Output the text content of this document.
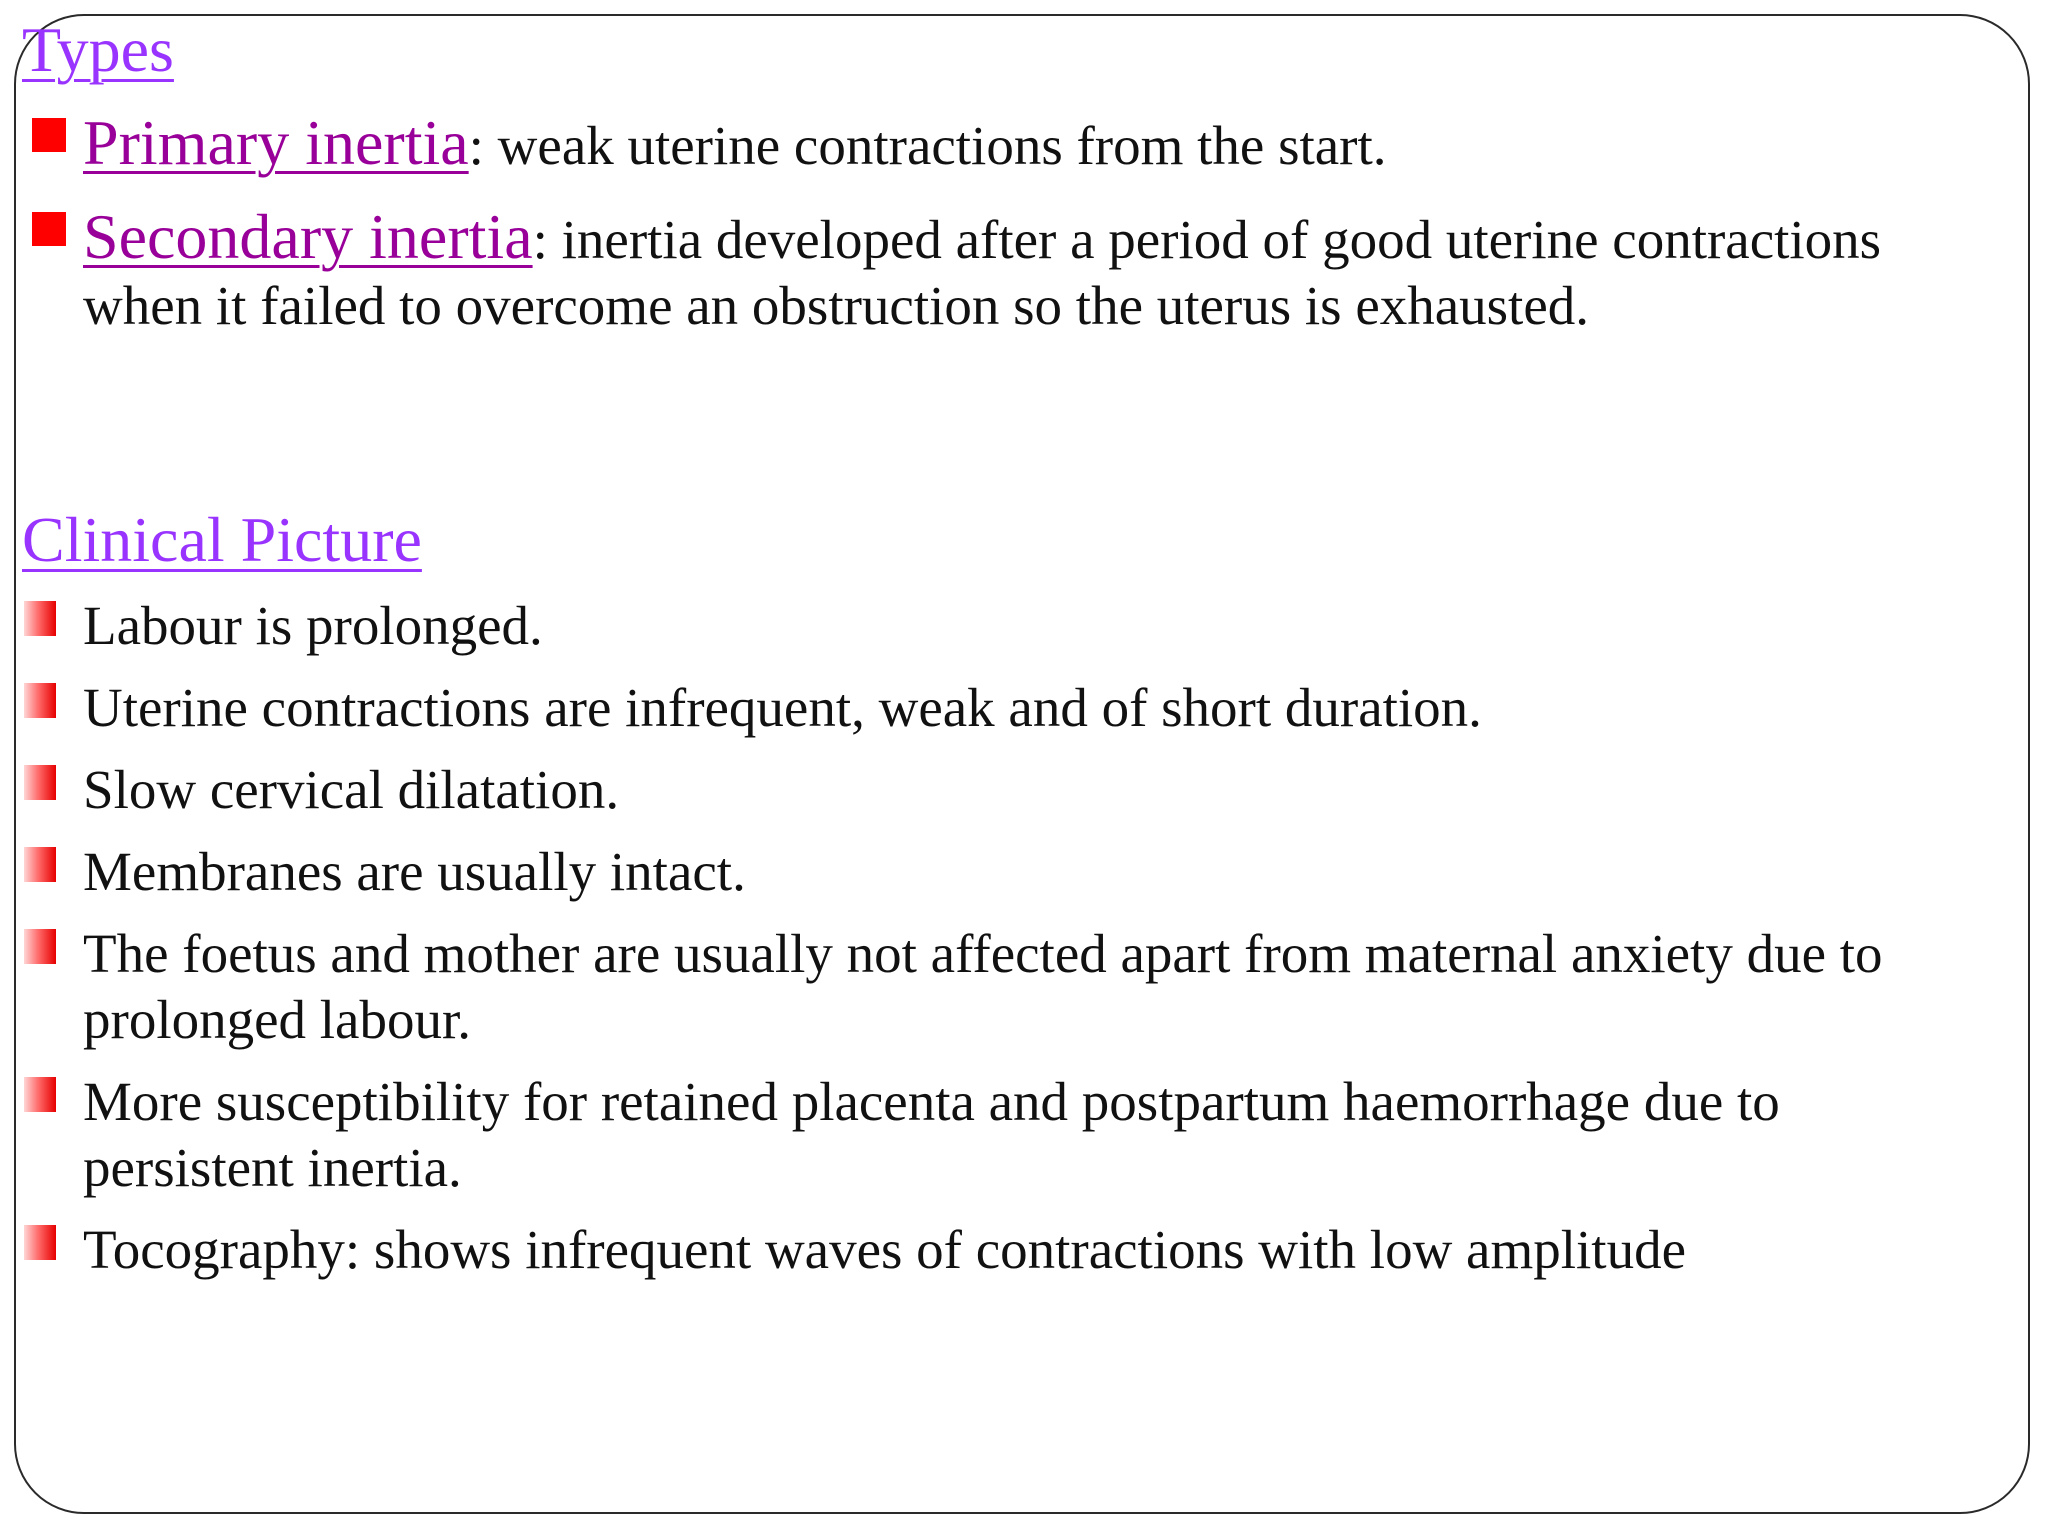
Types
Primary inertia: weak uterine contractions from the start.
Secondary inertia: inertia developed after a period of good uterine contractions when it failed to overcome an obstruction so the uterus is exhausted.
Clinical Picture
Labour is prolonged.
Uterine contractions are infrequent, weak and of short duration.
Slow cervical dilatation.
Membranes are usually intact.
The foetus and mother are usually not affected apart from maternal anxiety due to prolonged labour.
More susceptibility for retained placenta and postpartum haemorrhage due to persistent inertia.
Tocography: shows infrequent waves of contractions with low amplitude
